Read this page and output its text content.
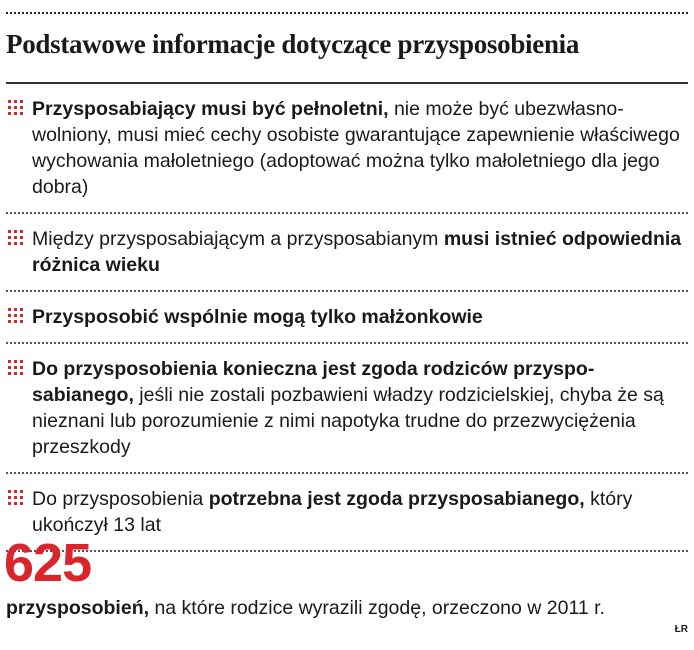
Podstawowe informacje dotyczące przysposobienia
Przysposabiający musi być pełnoletni, nie może być ubezwłasnowolniony, musi mieć cechy osobiste gwarantujące zapewnienie właściwego wychowania małoletniego (adoptować można tylko małoletniego dla jego dobra)
Między przysposabiającym a przysposabianym musi istnieć odpowiednia różnica wieku
Przysposobić wspólnie mogą tylko małżonkowie
Do przysposobienia konieczna jest zgoda rodziców przysposabianego, jeśli nie zostali pozbawieni władzy rodzicielskiej, chyba że są nieznani lub porozumienie z nimi napotyka trudne do przezwyciężenia przeszkody
Do przysposobienia potrzebna jest zgoda przysposabianego, który ukończył 13 lat
625
przysposobień, na które rodzice wyrazili zgodę, orzeczono w 2011 r.
ŁR
